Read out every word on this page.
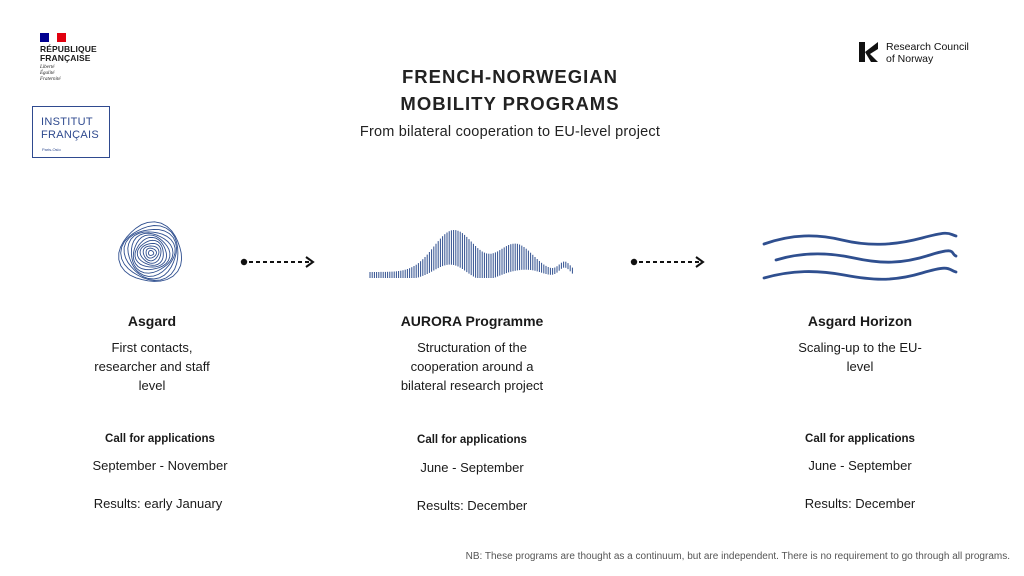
RÉPUBLIQUE
FRANÇAISE
Liberté
Égalité
Fraternité
INSTITUT
FRANÇAIS
Paris-Oslo
Research Council
of Norway
FRENCH-NORWEGIAN
MOBILITY PROGRAMS
From bilateral cooperation to EU-level project
Asgard
First contacts,
researcher and staff
level
Call for applications
September - November
Results: early January
AURORA Programme
Structuration of the
cooperation around a
bilateral research project
Call for applications
June - September
Results: December
Asgard Horizon
Scaling-up to the EU-
level
Call for applications
June - September
Results: December
NB: These programs are thought as a continuum, but are independent. There is no requirement to go through all programs.
